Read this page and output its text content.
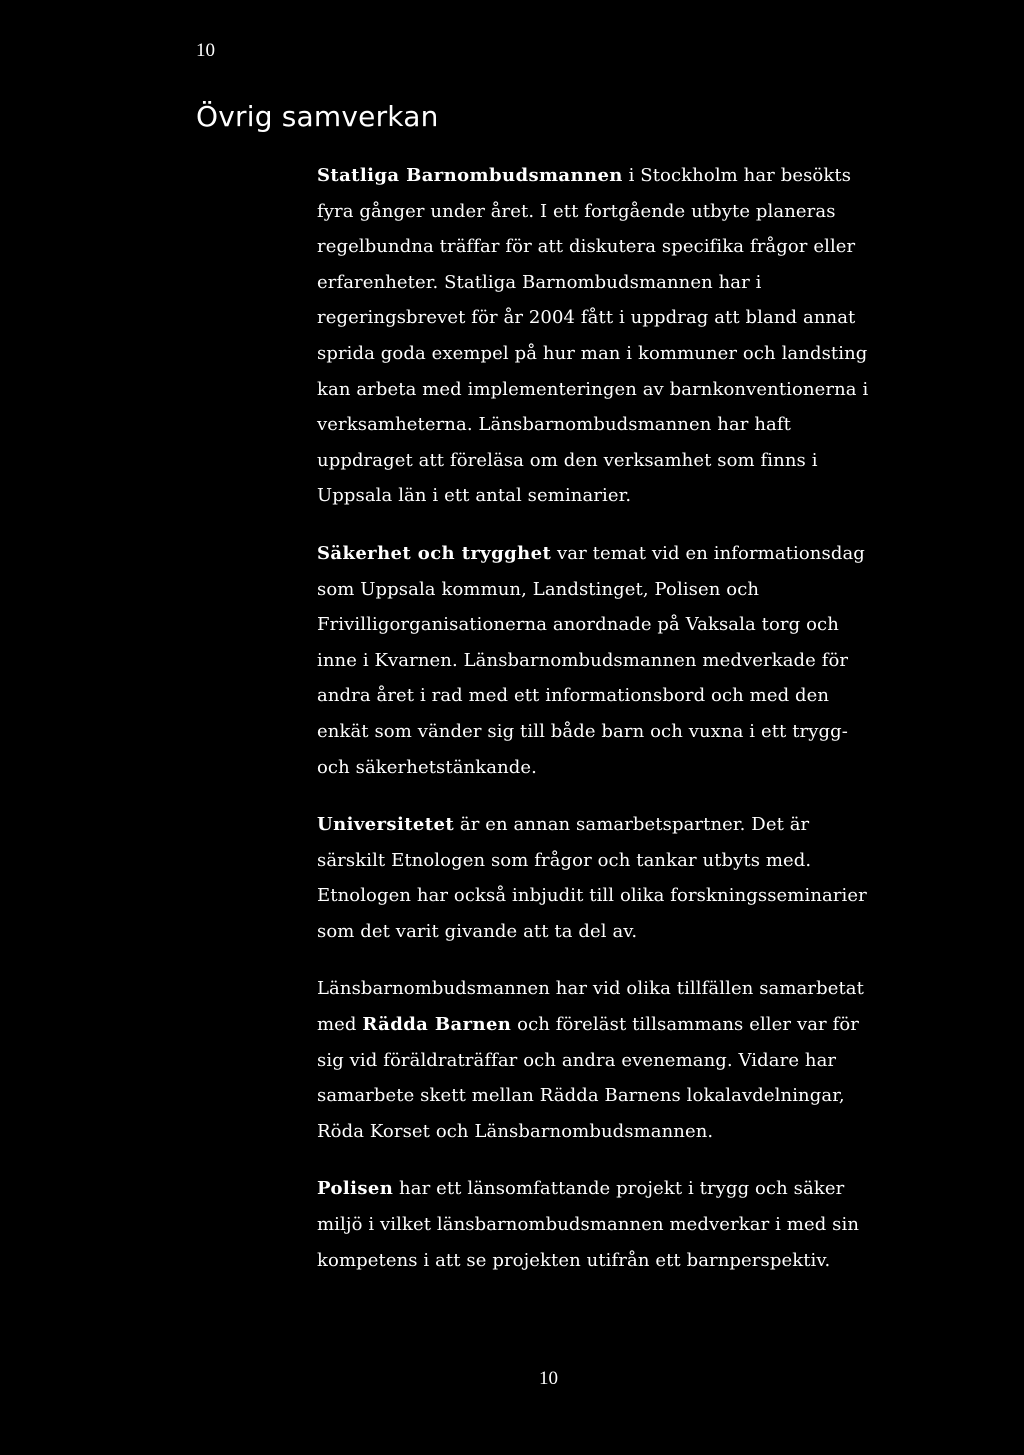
10
Övrig samverkan

Statliga Barnombudsmannen i Stockholm har besökts fyra gånger under året. I ett fortgående utbyte planeras regelbundna träffar för att diskutera specifika frågor eller erfarenheter. Statliga Barnombudsmannen har i regeringsbrevet för år 2004 fått i uppdrag att bland annat sprida goda exempel på hur man i kommuner och landsting kan arbeta med implementeringen av barnkonventionerna i verksamheterna. Länsbarnombudsmannen har haft uppdraget att föreläsa om den verksamhet som finns i Uppsala län i ett antal seminarier.

Säkerhet och trygghet var temat vid en informationsdag som Uppsala kommun, Landstinget, Polisen och Frivilligorganisationerna anordnade på Vaksala torg och inne i Kvarnen. Länsbarnombudsmannen medverkade för andra året i rad med ett informationsbord och med den enkät som vänder sig till både barn och vuxna i ett trygg- och säkerhetstänkande.

Universitetet är en annan samarbetspartner. Det är särskilt Etnologen som frågor och tankar utbyts med. Etnologen har också inbjudit till olika forskningsseminarier som det varit givande att ta del av.

Länsbarnombudsmannen har vid olika tillfällen samarbetat med Rädda Barnen och föreläst tillsammans eller var för sig vid föräldraträffar och andra evenemang. Vidare har samarbete skett mellan Rädda Barnens lokalavdelningar, Röda Korset och Länsbarnombudsmannen.

Polisen har ett länsomfattande projekt i trygg och säker miljö i vilket länsbarnombudsmannen medverkar i med sin kompetens i att se projekten utifrån ett barnperspektiv.

10
